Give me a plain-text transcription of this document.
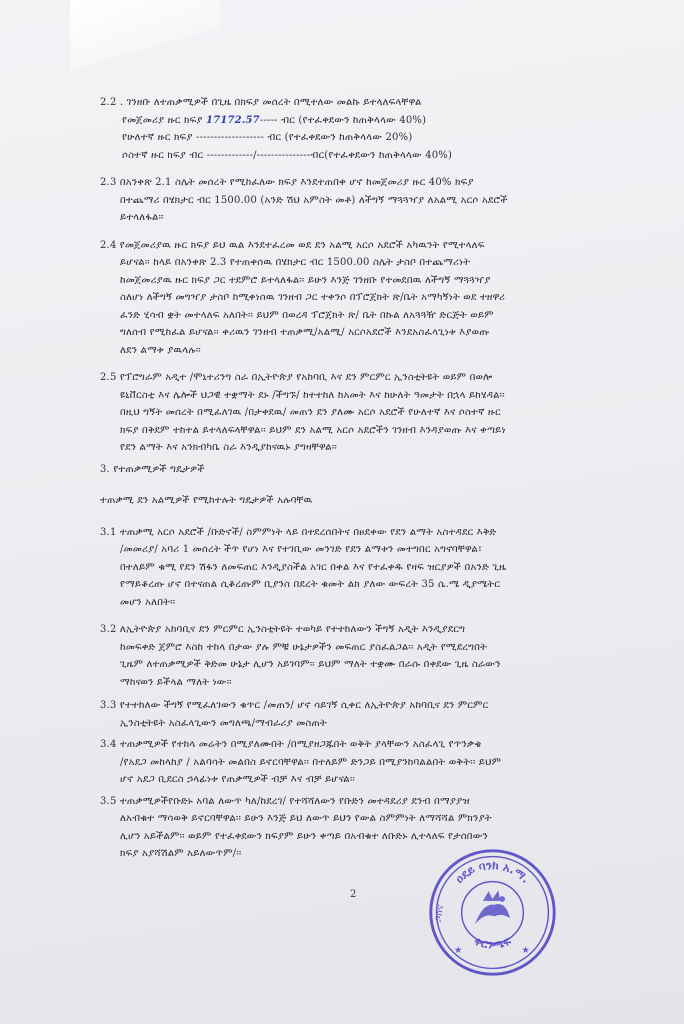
2.2 . ገንዘቡ ለተጠቃሚዎች በጊዜ በክፍያ መሰረት በሚተለው መልኩ ይተላለፍላቸዋል
የመጀመሪያ ዙር ክፍያ 17172.57----- ብር (የተፈቀደውን ከጠቅላላው 40%)
የሁለተኛ ዙር ክፍያ ------------------- ብር (የተፈቀደውን ከጠቅላላው 20%)
ሶስተኛ ዙር ክፍያ ብር -------------/---------------ብር(የተፈቀደውን ከጠቅላላው 40%)
2.3 በአንቀጽ 2.1 ስሌት መሰረት የሚከፈለው ክፍያ እንደተጠበቀ ሆኖ ከመጀመሪያ ዙር 40% ክፍያ
በተጨማሪ በሄክታር ብር 1500.00 (አንድ ሽህ አምስት መቶ) ለችግኝ ማጓጓዣያ ለአልሚ አርሶ አደሮች
ይተላለፋል፡፡
2.4 የመጀመሪያዉ ዙር ክፍያ ይህ ዉል እንደተፈረመ ወደ ደን አልሚ አርሶ አደሮች አካዉንት የሚተላለፍ
ይሆናል፡፡ ከላይ በአንቀጽ 2.3 የተጠቀሰዉ በሄክታር ብር 1500.00 ስሌት ታስቦ በተጨማሪነት
ከመጀመሪያዉ ዙር ክፍያ ጋር ተደምሮ ይተላለፋል፡፡ ይሁን እንጅ ገንዘቡ የተመደበዉ ለችግኝ ማጓጓዣያ
ስለሆነ ለችግኝ መግዣያ ታስቦ ከሚቀነሰዉ ገንዘብ ጋር ተቀንሶ በፕሮጀክት ጽ/ቤት አማካኝነት ወደ ተዘዋሪ
ፈንድ ሂሳብ ቋት መተላለፍ አለበት፡፡ ይህም በወረዳ ፕሮጀክት ጽ/ ቤት በኩል ለአጓጓዥ ድርጅት ወይም
ግለሰብ የሚከፈል ይሆናል፡፡ ቀሪዉን ገንዘብ ተጠቃሚ/አልሚ/ አርሶአደሮች እንደአስፈላጊነቱ እያወጡ
ለደን ልማቱ ያዉላሉ፡፡
2.5 የፕሮግራም አዲተ /ሞኒተሪንግ ስራ በኢትዮጵያ የአከባቢ እና ደን ምርምር ኢንስቲትዩት ወይም በወሎ
ዩኒቨርስቲ እና ሌሎች ህጋዊ ተቋማት ደኑ /ችግኙ/ ከተተከለ ከአመት እና ከሁለት ዓመታት በኋላ ይከሄዳል፡፡
በዚህ ግኝት መሰረት በሚፈለገዉ /በታቀደዉ/ መጠን ደን ያለሙ አርሶ አደሮች የሁለተኛ እና ሶስተኛ ዙር
ክፍያ በቅደም ተከተል ይተላለፍላቸዋል፡፡ ይህም ደን አልሚ አርሶ አደሮችን ገንዘብ እንዳያወጡ እና ቀጣይነ
የደን ልማት እና አንክብካቤ ስራ እንዲያከናዉኑ ያግዛቸዋል፡፡
3. የተጠቃሚዎች ግዴታዎች
ተጠቃሚ ደን አልሚዎች የሚከተሉት ግዴታዎች አሉባቸዉ
3.1 ተጠቃሚ አርሶ አደሮች /ቡድኖች/ ስምምነት ላይ በተደረሰበትና በፀደቀው የደን ልማት አስተዳደር እቅድ
/መመሪያ/ አባሪ 1 መሰረት ችጥ የሆነ እና የተገቢው መንገድ የደን ልማቱን መተግበር አግኖባቸዋል፣
በተለይም ቁሚ የደን ሽፋን ለመፍጠር እንዲያስችል አገር በቀል እና የተፈቀዱ የዛፍ ዝርያዎች በአንድ ጊዜ
የማይቆረጡ ሆኖ በተናጠል ሲቆረጡም ቢያንስ በደረት ቁመት ልክ ያለው ውፍረት 35 ሴ.ሜ ዲያሜትር
መሆን አለበት፡፡
3.2 ለኢትዮጵያ አከባቢና ደን ምርምር ኢንስቲትዩት ተወካይ የተተከለውን ችግኝ አዲት እንዲያደርግ
ከመፍቀድ ጀምሮ እስከ ተከላ በታው ያሉ ምቹ ሁኔታዎችን መፍጠር ያስፈልጋል፡፡ አዲት የሚደረግበት
ጊዜም ለተጠቃሚዎች ቅድመ ሁኔታ ሊሆን አይገባም፡፡ ይህም ማለት ተቋሙ በራሱ በቀደው ጊዜ ስራውን
ማከናወን ይችላል ማለት ነው፡፡
3.3 የተተከለው ችግኝ የሚፈለገውን ቁጥር /መጠን/ ሆኖ ሳይገኝ ሲቀር ለኢትዮጵያ አከባቢና ደን ምርምር
ኢንስቲትዩት አስፈላጊውን መግለጫ/ማብራሪያ መስጠት
3.4 ተጠቃሚዎች የተከላ መሬትን በሚያለሙበት /በሚያዘጋጁበት ወቅት ያላቸውን አስፈላጊ የጥንቃቄ
/የአደጋ መከላከያ / አልባሳት መልበስ ይኖርባቸዋል፡፡ በተለይም ድንጋይ በሚያንከባልልበት ወቅት፡፡ ይህም
ሆኖ አደጋ ቢደርስ ኃላፊነቱ የጠቃሚዎች ብቻ እና ብቻ ይሆናል፡፡
3.5 ተጠቃሚዎችየቡድኑ አባል ለውጥ ካለ/ከደረገ/ የተሻሻለውን የቡድን መተዳደሪያ ደንብ በማያያዝ
ለአብቁተ ማሳወቅ ይኖርባቸዋል፡፡ ይሁን እንጅ ይህ ለውጥ ይህን የውል ስምምነት ለማሻሻል ምክንያት
ሊሆን አይችልም፡፡ ወይም የተፈቀደውን ክፍያም ይሁን ቀጣይ በአብቁተ ለቡድኑ ሊተላለፍ የታሰበውን
ክፍያ አያሻሽልም አይለውጥም/፡፡
2
ዐደይ ባንክ አ.ማ.
ቀርንጫፍ
ጋሸና
★	★
